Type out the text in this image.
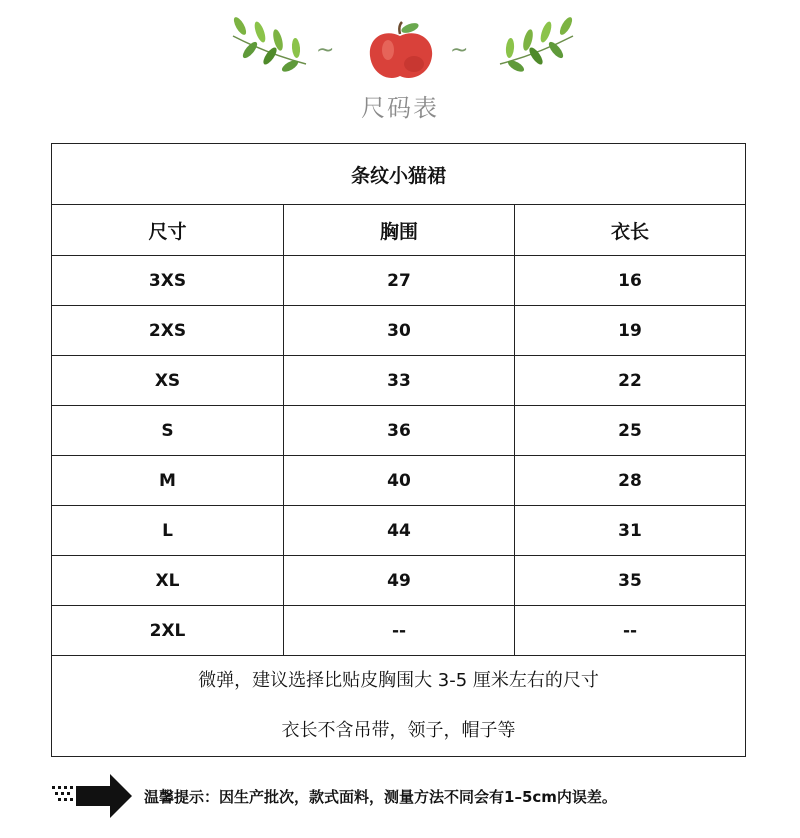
~	~
尺码表
条纹小猫裙		
尺寸	胸围	衣长
3XS	27	16
2XS	30	19
XS	33	22
S	36	25
M	40	28
L	44	31
XL	49	35
2XL	--	--

微弹，建议选择比贴皮胸围大 3-5 厘米左右的尺寸
衣长不含吊带，领子，帽子等		
温馨提示：因生产批次，款式面料，测量方法不同会有1–5cm内误差。
